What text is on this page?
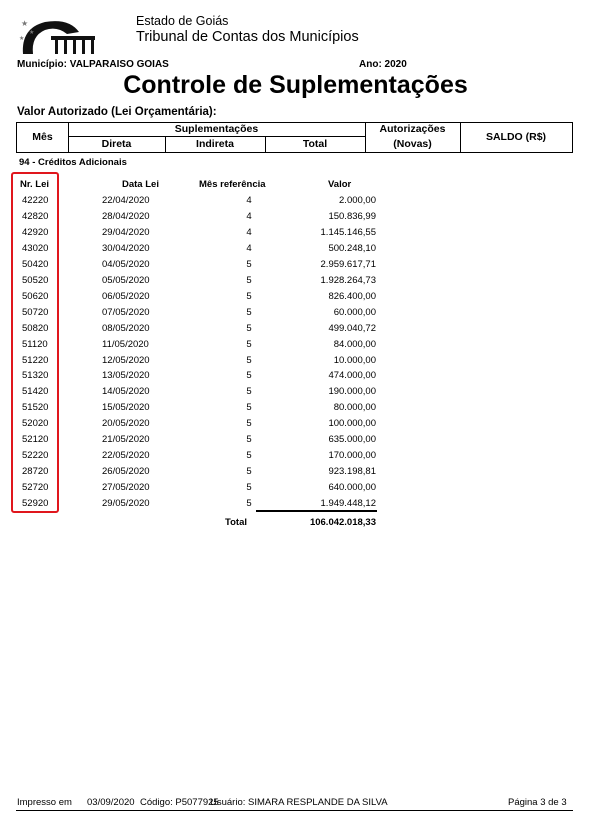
★
★
★
Estado de Goiás
Tribunal de Contas dos Municípios
Município: VALPARAISO GOIAS	Ano: 2020
Controle de Suplementações
Valor Autorizado (Lei Orçamentária):
Mês
Suplementações
Direta	Indireta	Total
Autorizações
(Novas)
SALDO (R$)
94 - Créditos Adicionais
Nr. Lei	Data Lei	Mês referência	Valor
42220	22/04/2020	4	2.000,00
42820	28/04/2020	4	150.836,99
42920	29/04/2020	4	1.145.146,55
43020	30/04/2020	4	500.248,10
50420	04/05/2020	5	2.959.617,71
50520	05/05/2020	5	1.928.264,73
50620	06/05/2020	5	826.400,00
50720	07/05/2020	5	60.000,00
50820	08/05/2020	5	499.040,72
51120	11/05/2020	5	84.000,00
51220	12/05/2020	5	10.000,00
51320	13/05/2020	5	474.000,00
51420	14/05/2020	5	190.000,00
51520	15/05/2020	5	80.000,00
52020	20/05/2020	5	100.000,00
52120	21/05/2020	5	635.000,00
52220	22/05/2020	5	170.000,00
28720	26/05/2020	5	923.198,81
52720	27/05/2020	5	640.000,00
52920	29/05/2020	5	1.949.448,12
Total	106.042.018,33
Impresso em 03/09/2020 Código: P5077925
Usuário: SIMARA RESPLANDE DA SILVA	Página 3 de 3
